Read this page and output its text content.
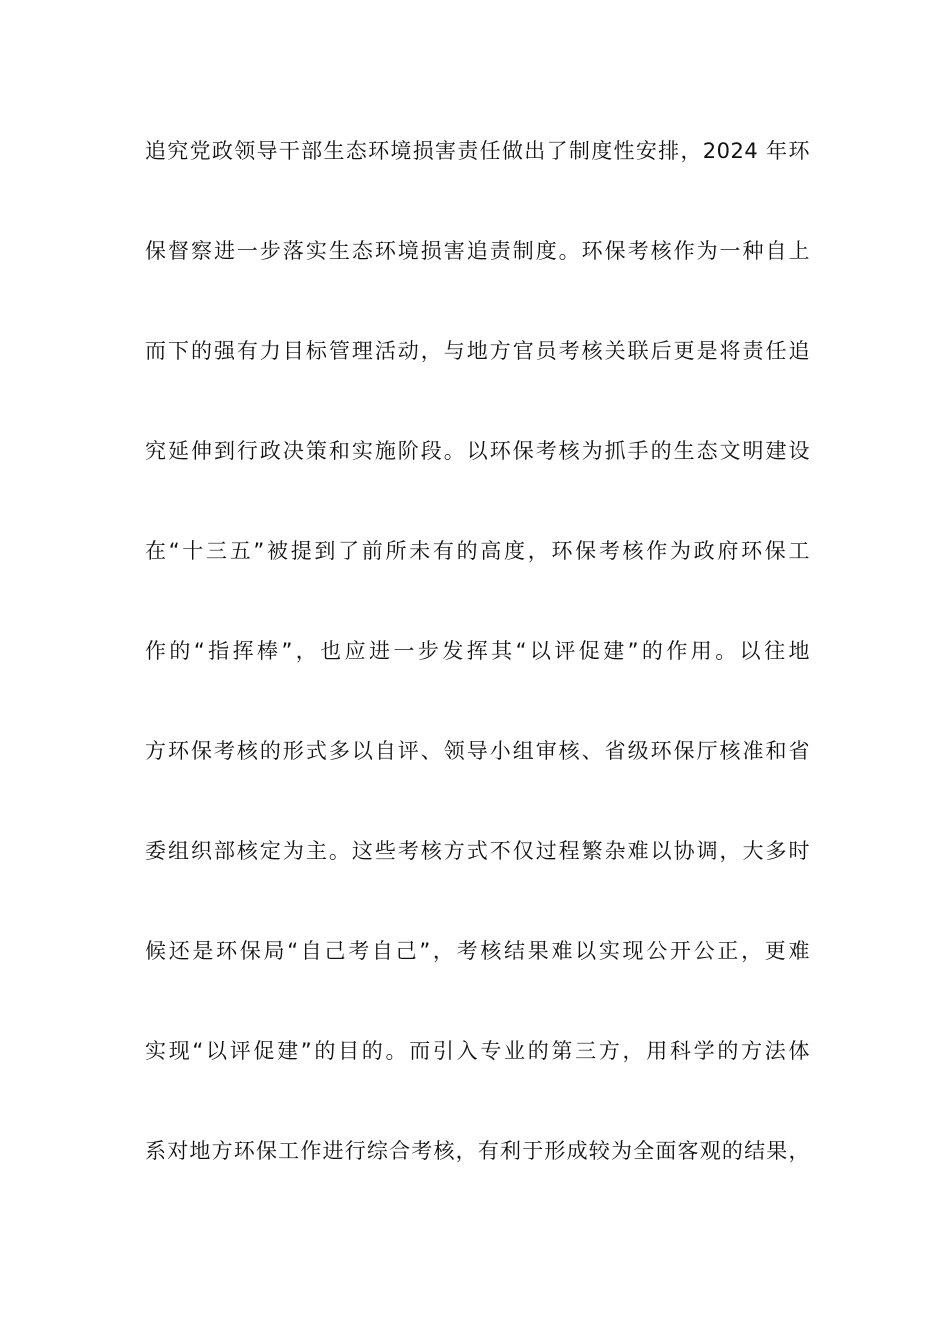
追究党政领导干部生态环境损害责任做出了制度性安排，2024 年环
保督察进一步落实生态环境损害追责制度。环保考核作为一种自上
而下的强有力目标管理活动，与地方官员考核关联后更是将责任追
究延伸到行政决策和实施阶段。以环保考核为抓手的生态文明建设
在“十三五”被提到了前所未有的高度，环保考核作为政府环保工
作的“指挥棒”，也应进一步发挥其“以评促建”的作用。以往地
方环保考核的形式多以自评、领导小组审核、省级环保厅核准和省
委组织部核定为主。这些考核方式不仅过程繁杂难以协调，大多时
候还是环保局“自己考自己”，考核结果难以实现公开公正，更难
实现“以评促建”的目的。而引入专业的第三方，用科学的方法体
系对地方环保工作进行综合考核，有利于形成较为全面客观的结果，
